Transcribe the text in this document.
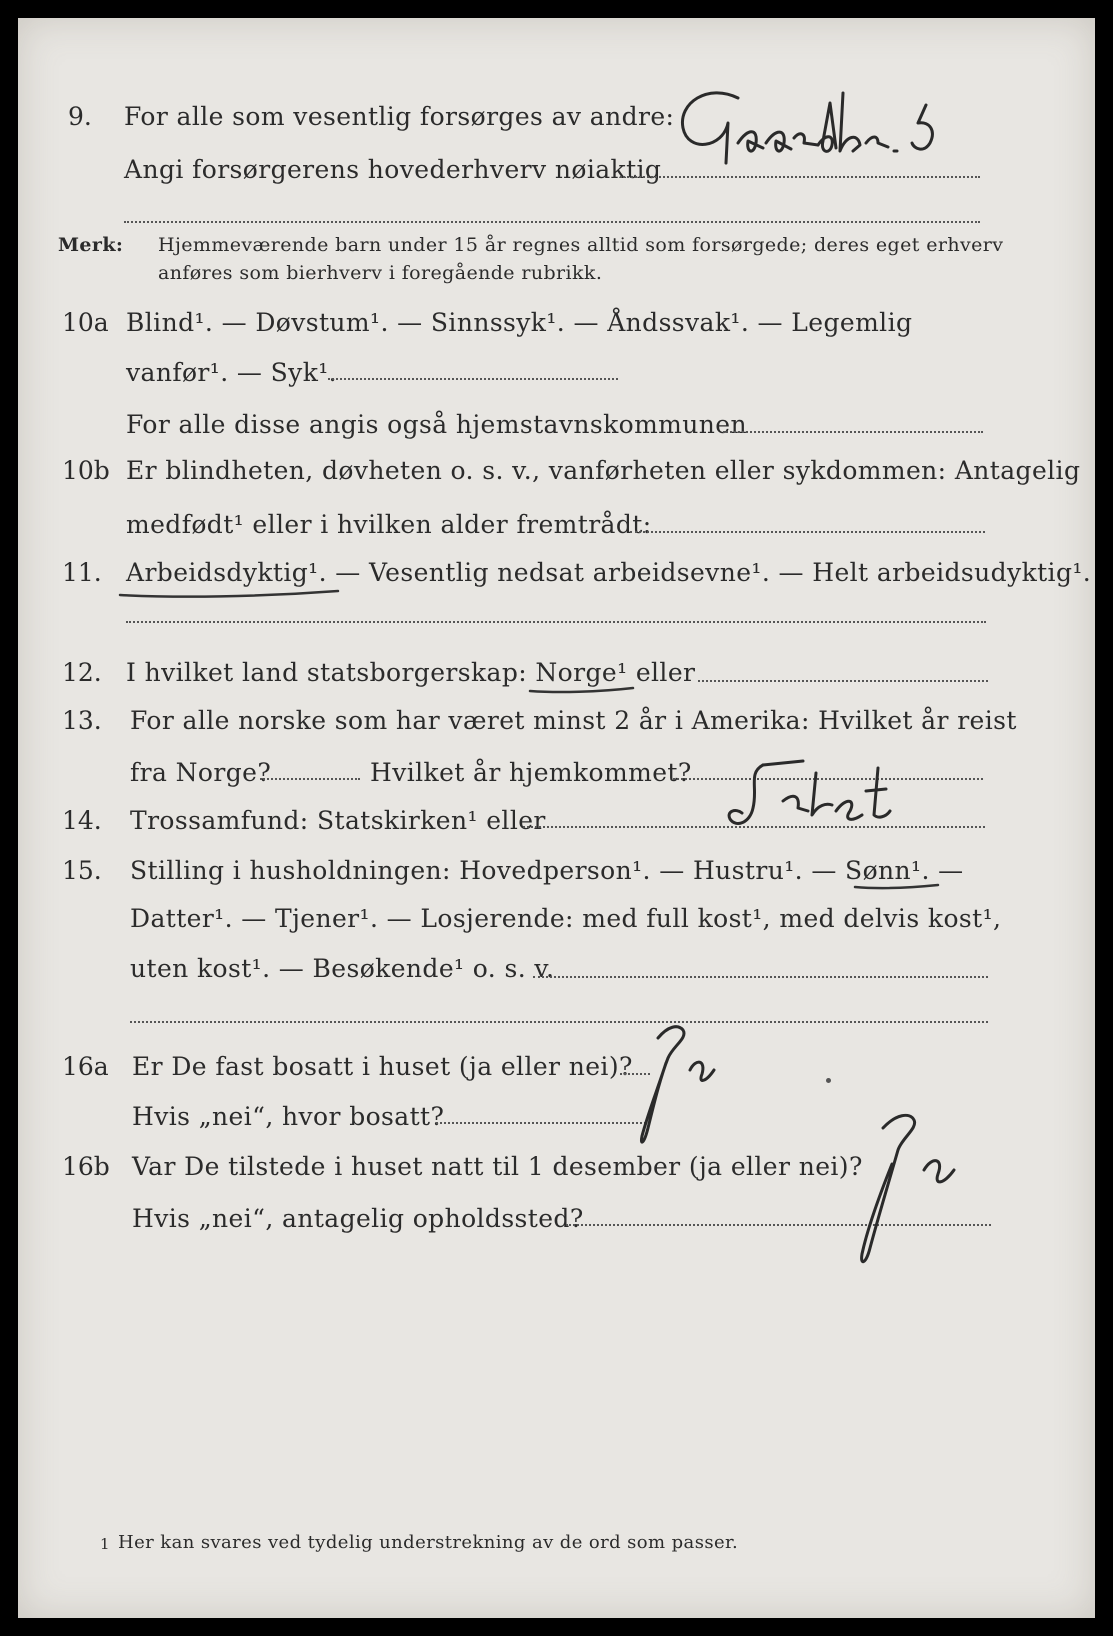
9. For alle som vesentlig forsørges av andre:
Angi forsørgerens hovederhverv nøiaktig
Merk: Hjemmeværende barn under 15 år regnes alltid som forsørgede; deres eget erhverv
anføres som bierhverv i foregående rubrikk.
10a Blind¹. — Døvstum¹. — Sinnssyk¹. — Åndssvak¹. — Legemlig
vanfør¹. — Syk¹.
For alle disse angis også hjemstavnskommunen
10b Er blindheten, døvheten o. s. v., vanførheten eller sykdommen: Antagelig
medfødt¹ eller i hvilken alder fremtrådt:
11. Arbeidsdyktig¹. — Vesentlig nedsat arbeidsevne¹. — Helt arbeidsudyktig¹.
12. I hvilket land statsborgerskap: Norge¹ eller
13. For alle norske som har været minst 2 år i Amerika: Hvilket år reist
fra Norge?	Hvilket år hjemkommet?
14. Trossamfund: Statskirken¹ eller
15. Stilling i husholdningen: Hovedperson¹. — Hustru¹. — Sønn¹. —
Datter¹. — Tjener¹. — Losjerende: med full kost¹, med delvis kost¹,
uten kost¹. — Besøkende¹ o. s. v.
16a Er De fast bosatt i huset (ja eller nei)?
Hvis „nei“, hvor bosatt?
16b Var De tilstede i huset natt til 1 desember (ja eller nei)?
Hvis „nei“, antagelig opholdssted?
1 Her kan svares ved tydelig understrekning av de ord som passer.
